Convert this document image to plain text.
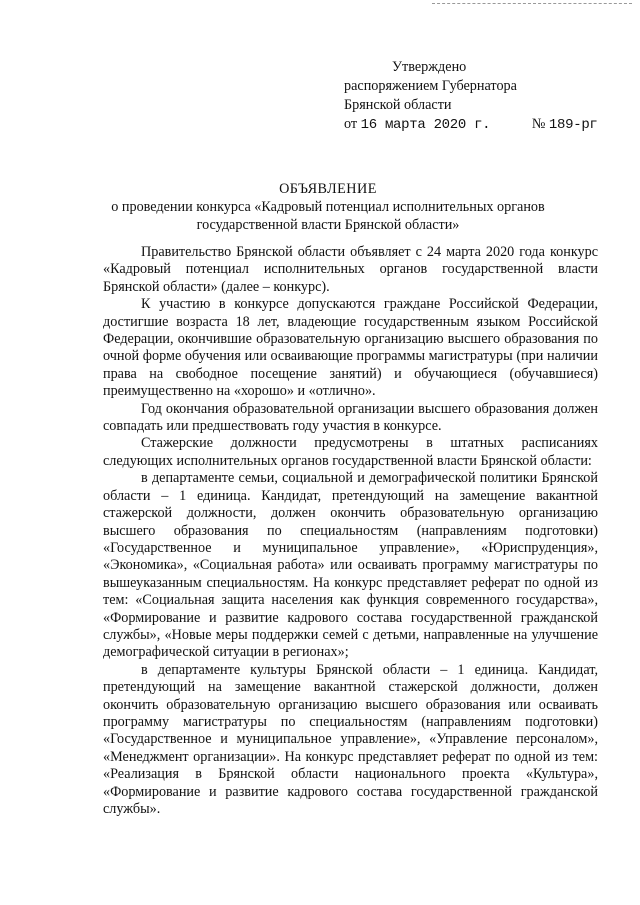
Утверждено
распоряжением Губернатора
Брянской области
от 16 марта 2020 г.	№ 189-рг
ОБЪЯВЛЕНИЕ
о проведении конкурса «Кадровый потенциал исполнительных органов
государственной власти Брянской области»

Правительство Брянской области объявляет с 24 марта 2020 года конкурс «Кадровый потенциал исполнительных органов государственной власти Брянской области» (далее – конкурс).

К участию в конкурсе допускаются граждане Российской Федерации, достигшие возраста 18 лет, владеющие государственным языком Российской Федерации, окончившие образовательную организацию высшего образования по очной форме обучения или осваивающие программы магистратуры (при наличии права на свободное посещение занятий) и обучающиеся (обучавшиеся) преимущественно на «хорошо» и «отлично».

Год окончания образовательной организации высшего образования должен совпадать или предшествовать году участия в конкурсе.

Стажерские должности предусмотрены в штатных расписаниях следующих исполнительных органов государственной власти Брянской области:

в департаменте семьи, социальной и демографической политики Брянской области – 1 единица. Кандидат, претендующий на замещение вакантной стажерской должности, должен окончить образовательную организацию высшего образования по специальностям (направлениям подготовки) «Государственное и муниципальное управление», «Юриспруденция», «Экономика», «Социальная работа» или осваивать программу магистратуры по вышеуказанным специальностям. На конкурс представляет реферат по одной из тем: «Социальная защита населения как функция современного государства», «Формирование и развитие кадрового состава государственной гражданской службы», «Новые меры поддержки семей с детьми, направленные на улучшение демографической ситуации в регионах»;

в департаменте культуры Брянской области – 1 единица. Кандидат, претендующий на замещение вакантной стажерской должности, должен окончить образовательную организацию высшего образования или осваивать программу магистратуры по специальностям (направлениям подготовки) «Государственное и муниципальное управление», «Управление персоналом», «Менеджмент организации». На конкурс представляет реферат по одной из тем: «Реализация в Брянской области национального проекта «Культура», «Формирование и развитие кадрового состава государственной гражданской службы».
